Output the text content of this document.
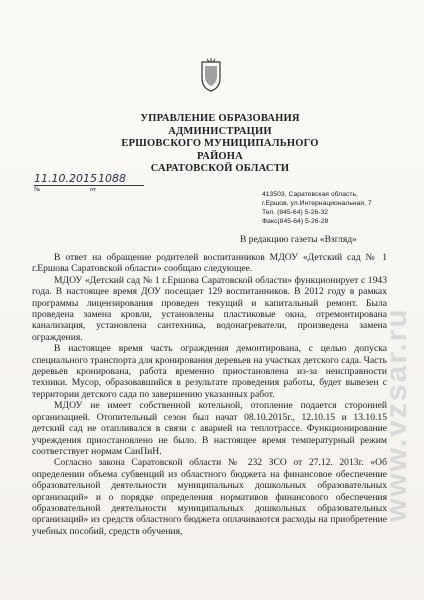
УПРАВЛЕНИЕ ОБРАЗОВАНИЯ
АДМИНИСТРАЦИИ
ЕРШОВСКОГО МУНИЦИПАЛЬНОГО РАЙОНА
САРАТОВСКОЙ ОБЛАСТИ
11.10.2015 1088
№	от
413503, Саратовская область,
г.Ершов, ул.Интернациональная, 7
Тел. (845-64) 5-26-32
Факс(845-64) 5-26-28
В редакцию газеты «Взгляд»

В ответ на обращение родителей воспитанников МДОУ «Детский сад № 1 г.Ершова Саратовской области» сообщаю следующее.

МДОУ «Детский сад № 1 г.Ершова Саратовской области» функционирует с 1943 года. В настоящее время ДОУ посещает 129 воспитанников. В 2012 году в рамках программы лицензирования проведен текущий и капитальный ремонт. Была проведена замена кровли, установлены пластиковые окна, отремонтирована канализация, установлена сантехника, водонагреватели, произведена замена ограждения.

В настоящее время часть ограждения демонтирована, с целью допуска специального транспорта для кронирования деревьев на участках детского сада. Часть деревьев кронирована, работа временно приостановлена из-за неисправности техники. Мусор, образовавшийся в результате проведения работы, будет вывезен с территории детского сада по завершению указанных работ.

МДОУ не имеет собственной котельной, отопление подается сторонней организацией. Отопительный сезон был начат 08.10.2015г., 12.10.15 и 13.10.15 детский сад не отапливался в связи с аварией на теплотрассе. Функционирование учреждения приостановлено не было. В настоящее время температурный режим соответствует нормам СанПиН.

Согласно закона Саратовской области № 232 ЗСО от 27.12. 2013г. «Об определении объема субвенций из областного бюджета на финансовое обеспечение образовательной деятельности муниципальных дошкольных образовательных организаций» и о порядке определения нормативов финансового обеспечения образовательной деятельности муниципальных дошкольных образовательных организаций» из средств областного бюджета оплачиваются расходы на приобретение учебных пособий, средств обучения,

www.vzsar.ru
